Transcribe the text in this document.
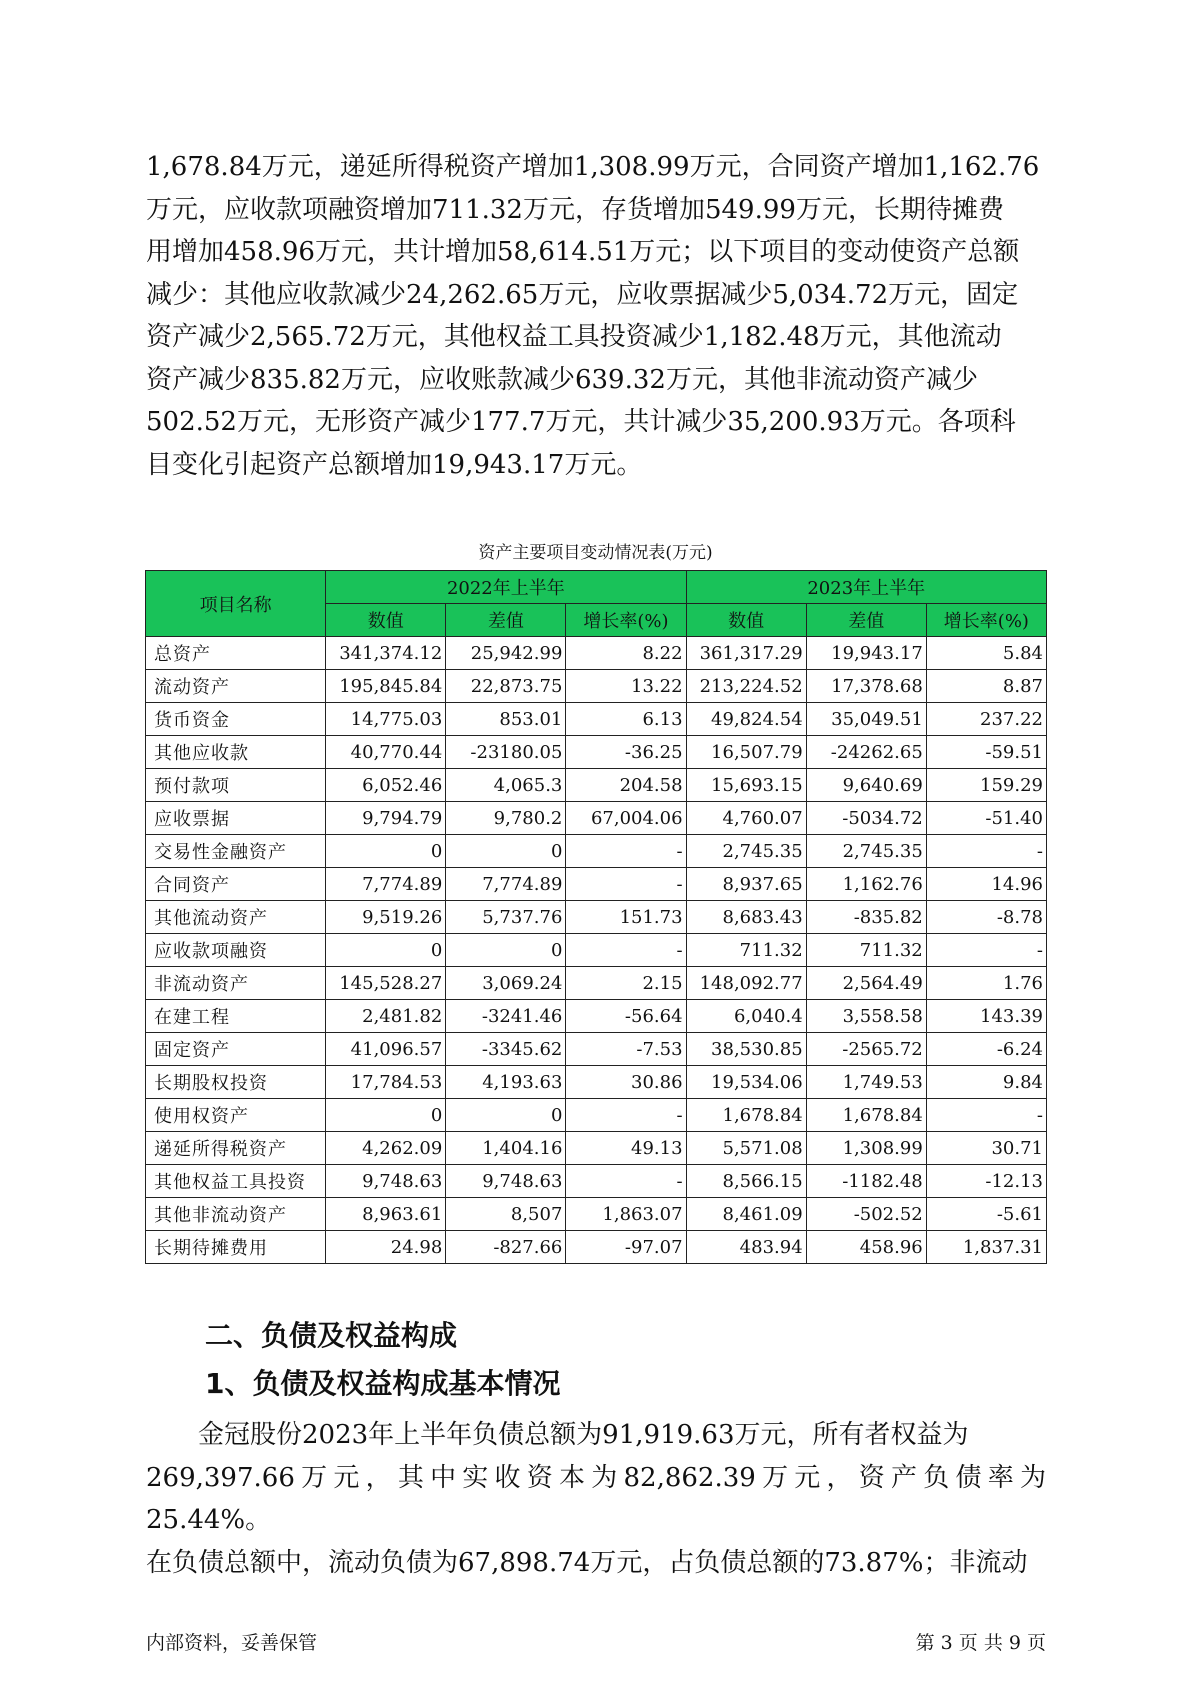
1,678.84万元，递延所得税资产增加1,308.99万元，合同资产增加1,162.76

万元，应收款项融资增加711.32万元，存货增加549.99万元，长期待摊费

用增加458.96万元，共计增加58,614.51万元；以下项目的变动使资产总额

减少：其他应收款减少24,262.65万元，应收票据减少5,034.72万元，固定

资产减少2,565.72万元，其他权益工具投资减少1,182.48万元，其他流动

资产减少835.82万元，应收账款减少639.32万元，其他非流动资产减少

502.52万元，无形资产减少177.7万元，共计减少35,200.93万元。各项科

目变化引起资产总额增加19,943.17万元。

资产主要项目变动情况表(万元)
项目名称	2022年上半年			2023年上半年		
	数值	差值	增长率(%)	数值	差值	增长率(%)
总资产	341,374.12	25,942.99	8.22	361,317.29	19,943.17	5.84
流动资产	195,845.84	22,873.75	13.22	213,224.52	17,378.68	8.87
货币资金	14,775.03	853.01	6.13	49,824.54	35,049.51	237.22
其他应收款	40,770.44	-23180.05	-36.25	16,507.79	-24262.65	-59.51
预付款项	6,052.46	4,065.3	204.58	15,693.15	9,640.69	159.29
应收票据	9,794.79	9,780.2	67,004.06	4,760.07	-5034.72	-51.40
交易性金融资产	0	0	-	2,745.35	2,745.35	-
合同资产	7,774.89	7,774.89	-	8,937.65	1,162.76	14.96
其他流动资产	9,519.26	5,737.76	151.73	8,683.43	-835.82	-8.78
应收款项融资	0	0	-	711.32	711.32	-
非流动资产	145,528.27	3,069.24	2.15	148,092.77	2,564.49	1.76
在建工程	2,481.82	-3241.46	-56.64	6,040.4	3,558.58	143.39
固定资产	41,096.57	-3345.62	-7.53	38,530.85	-2565.72	-6.24
长期股权投资	17,784.53	4,193.63	30.86	19,534.06	1,749.53	9.84
使用权资产	0	0	-	1,678.84	1,678.84	-
递延所得税资产	4,262.09	1,404.16	49.13	5,571.08	1,308.99	30.71
其他权益工具投资	9,748.63	9,748.63	-	8,566.15	-1182.48	-12.13
其他非流动资产	8,963.61	8,507	1,863.07	8,461.09	-502.52	-5.61
长期待摊费用	24.98	-827.66	-97.07	483.94	458.96	1,837.31
二、负债及权益构成
1、负债及权益构成基本情况

金冠股份2023年上半年负债总额为91,919.63万元，所有者权益为

269,397.66万元，其中实收资本为82,862.39万元，资产负债率为25.44%。

在负债总额中，流动负债为67,898.74万元，占负债总额的73.87%；非流动

内部资料，妥善保管	第 3 页 共 9 页
